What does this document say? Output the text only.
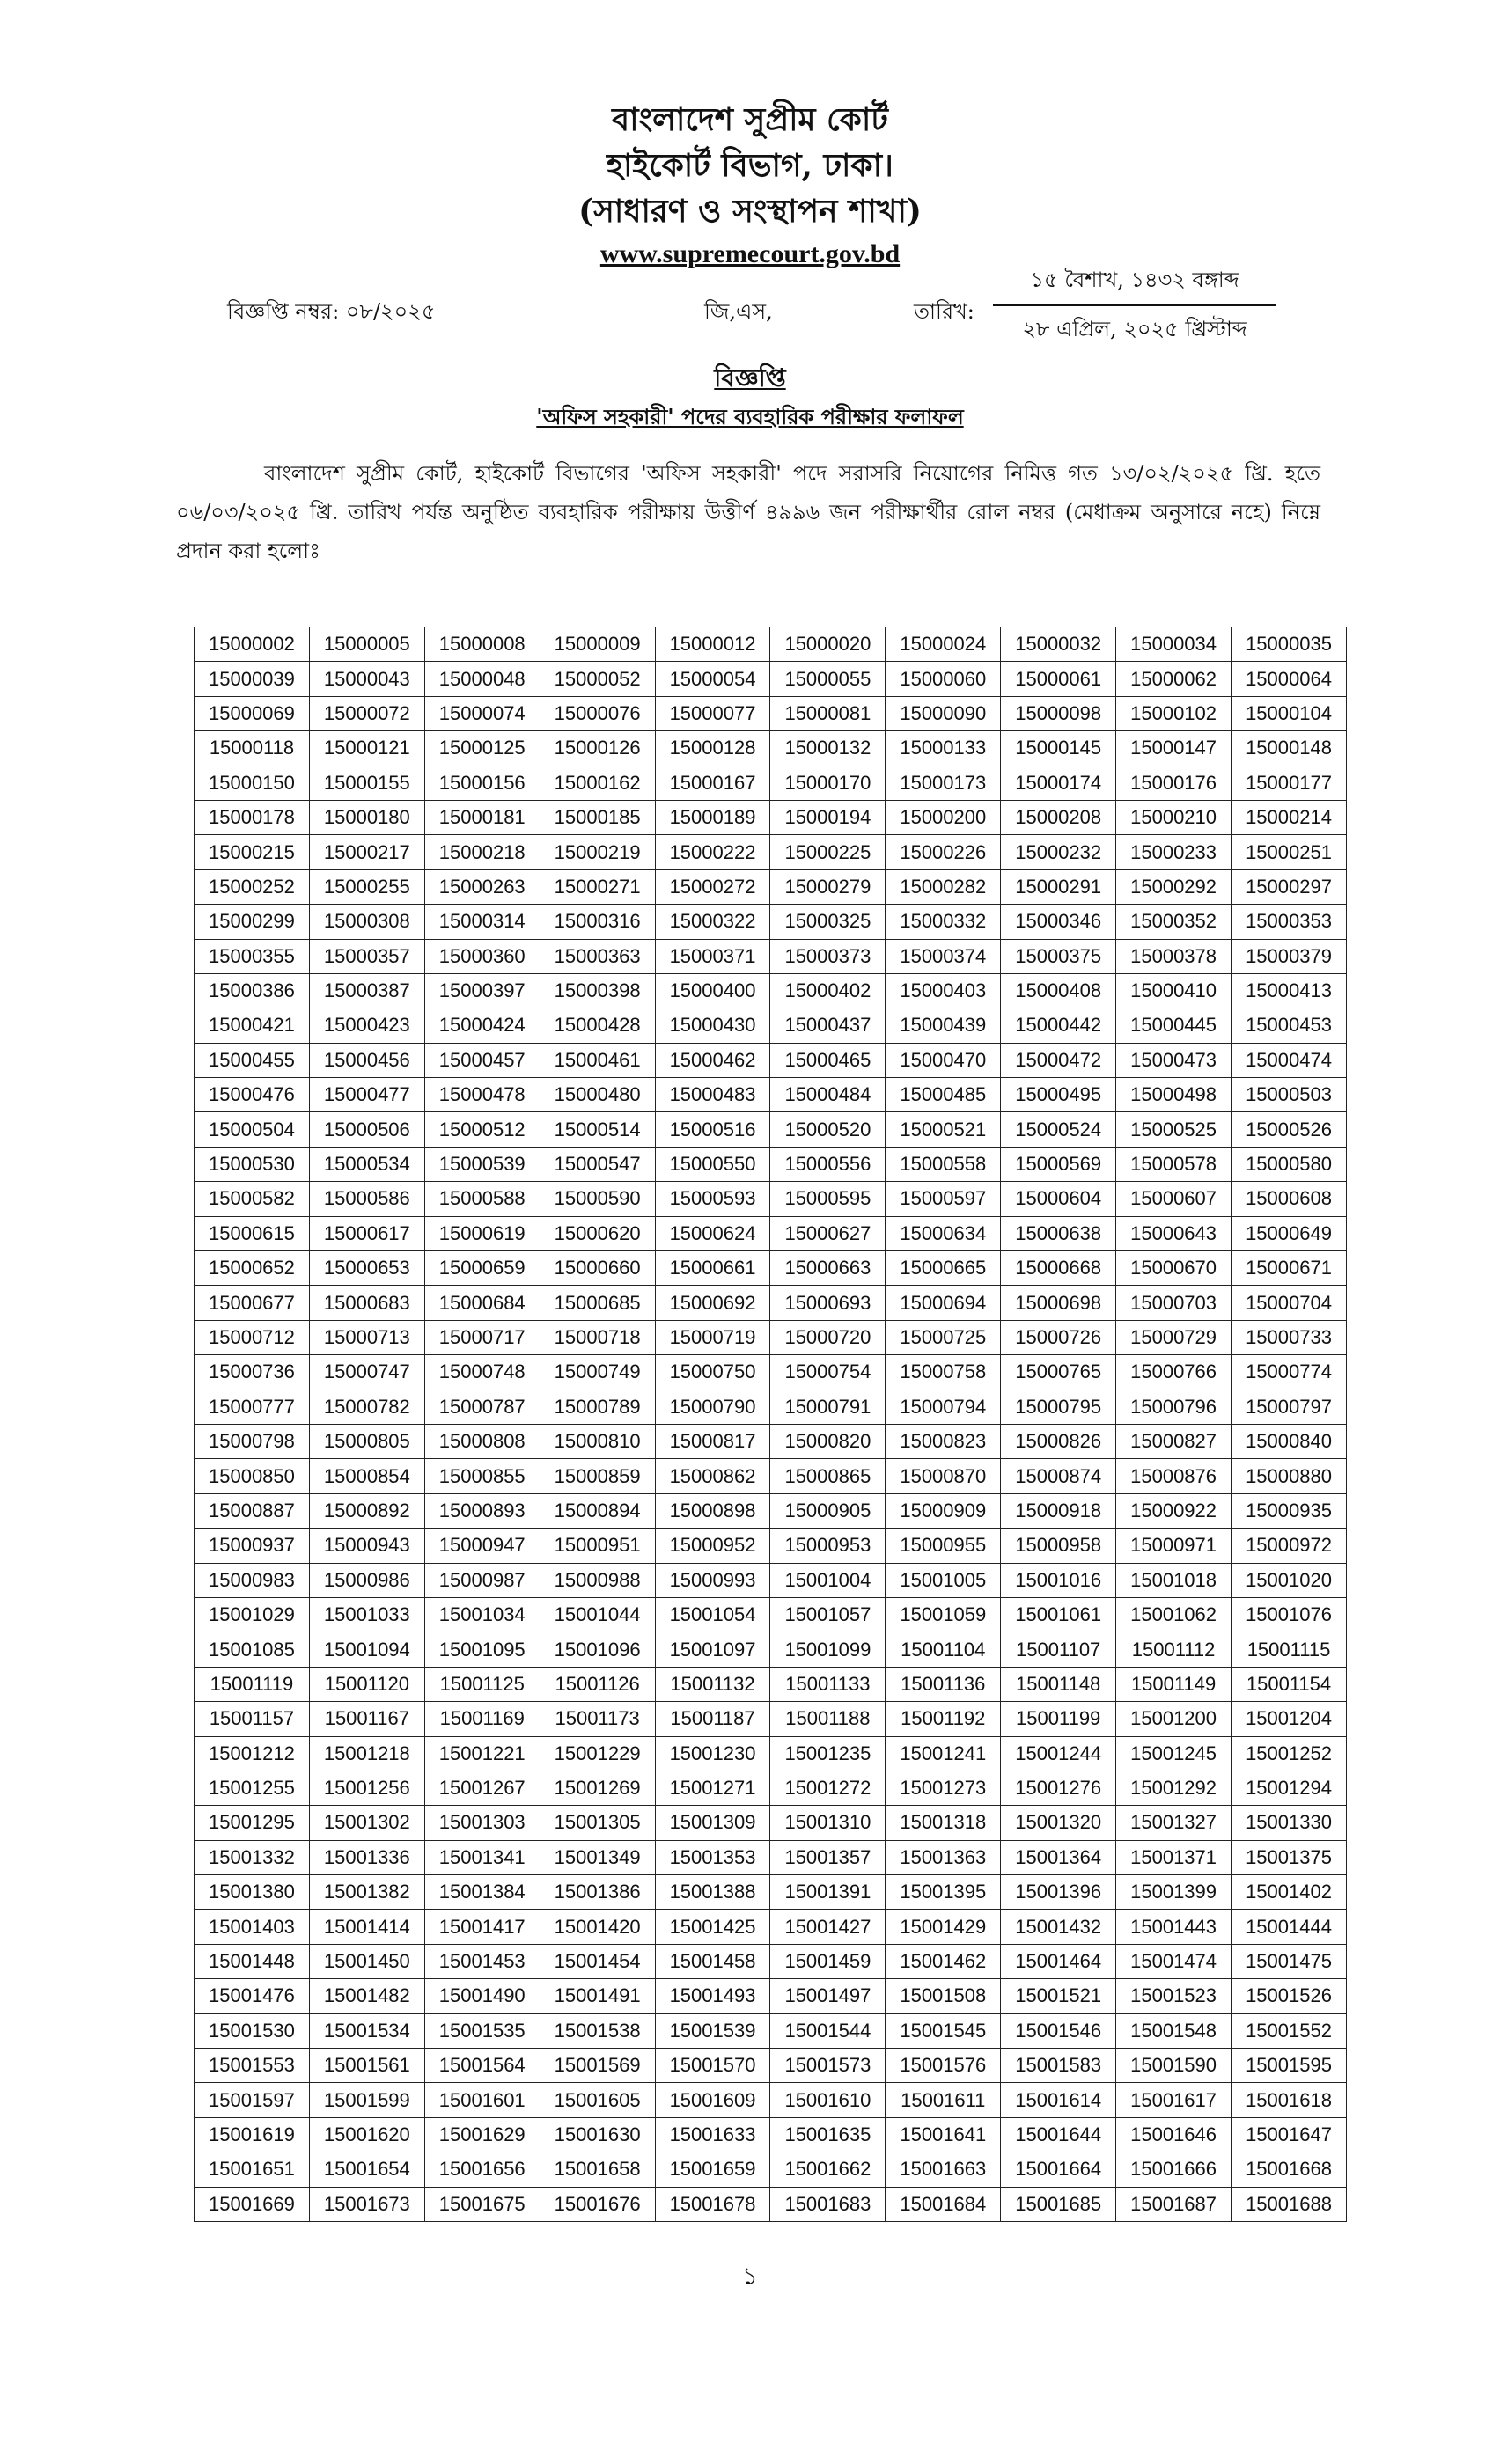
বাংলাদেশ সুপ্রীম কোর্ট
হাইকোর্ট বিভাগ, ঢাকা।
(সাধারণ ও সংস্থাপন শাখা)
www.supremecourt.gov.bd
বিজ্ঞপ্তি নম্বর: ০৮/২০২৫	জি,এস,	তারিখ:
১৫ বৈশাখ, ১৪৩২ বঙ্গাব্দ
২৮ এপ্রিল, ২০২৫ খ্রিস্টাব্দ
বিজ্ঞপ্তি
'অফিস সহকারী' পদের ব্যবহারিক পরীক্ষার ফলাফল
বাংলাদেশ সুপ্রীম কোর্ট, হাইকোর্ট বিভাগের 'অফিস সহকারী' পদে সরাসরি নিয়োগের নিমিত্ত গত ১৩/০২/২০২৫ খ্রি. হতে ০৬/০৩/২০২৫ খ্রি. তারিখ পর্যন্ত অনুষ্ঠিত ব্যবহারিক পরীক্ষায় উত্তীর্ণ ৪৯৯৬ জন পরীক্ষার্থীর রোল নম্বর (মেধাক্রম অনুসারে নহে) নিম্নে প্রদান করা হলোঃ
15000002	15000005	15000008	15000009	15000012	15000020	15000024	15000032	15000034	15000035
15000039	15000043	15000048	15000052	15000054	15000055	15000060	15000061	15000062	15000064
15000069	15000072	15000074	15000076	15000077	15000081	15000090	15000098	15000102	15000104
15000118	15000121	15000125	15000126	15000128	15000132	15000133	15000145	15000147	15000148
15000150	15000155	15000156	15000162	15000167	15000170	15000173	15000174	15000176	15000177
15000178	15000180	15000181	15000185	15000189	15000194	15000200	15000208	15000210	15000214
15000215	15000217	15000218	15000219	15000222	15000225	15000226	15000232	15000233	15000251
15000252	15000255	15000263	15000271	15000272	15000279	15000282	15000291	15000292	15000297
15000299	15000308	15000314	15000316	15000322	15000325	15000332	15000346	15000352	15000353
15000355	15000357	15000360	15000363	15000371	15000373	15000374	15000375	15000378	15000379
15000386	15000387	15000397	15000398	15000400	15000402	15000403	15000408	15000410	15000413
15000421	15000423	15000424	15000428	15000430	15000437	15000439	15000442	15000445	15000453
15000455	15000456	15000457	15000461	15000462	15000465	15000470	15000472	15000473	15000474
15000476	15000477	15000478	15000480	15000483	15000484	15000485	15000495	15000498	15000503
15000504	15000506	15000512	15000514	15000516	15000520	15000521	15000524	15000525	15000526
15000530	15000534	15000539	15000547	15000550	15000556	15000558	15000569	15000578	15000580
15000582	15000586	15000588	15000590	15000593	15000595	15000597	15000604	15000607	15000608
15000615	15000617	15000619	15000620	15000624	15000627	15000634	15000638	15000643	15000649
15000652	15000653	15000659	15000660	15000661	15000663	15000665	15000668	15000670	15000671
15000677	15000683	15000684	15000685	15000692	15000693	15000694	15000698	15000703	15000704
15000712	15000713	15000717	15000718	15000719	15000720	15000725	15000726	15000729	15000733
15000736	15000747	15000748	15000749	15000750	15000754	15000758	15000765	15000766	15000774
15000777	15000782	15000787	15000789	15000790	15000791	15000794	15000795	15000796	15000797
15000798	15000805	15000808	15000810	15000817	15000820	15000823	15000826	15000827	15000840
15000850	15000854	15000855	15000859	15000862	15000865	15000870	15000874	15000876	15000880
15000887	15000892	15000893	15000894	15000898	15000905	15000909	15000918	15000922	15000935
15000937	15000943	15000947	15000951	15000952	15000953	15000955	15000958	15000971	15000972
15000983	15000986	15000987	15000988	15000993	15001004	15001005	15001016	15001018	15001020
15001029	15001033	15001034	15001044	15001054	15001057	15001059	15001061	15001062	15001076
15001085	15001094	15001095	15001096	15001097	15001099	15001104	15001107	15001112	15001115
15001119	15001120	15001125	15001126	15001132	15001133	15001136	15001148	15001149	15001154
15001157	15001167	15001169	15001173	15001187	15001188	15001192	15001199	15001200	15001204
15001212	15001218	15001221	15001229	15001230	15001235	15001241	15001244	15001245	15001252
15001255	15001256	15001267	15001269	15001271	15001272	15001273	15001276	15001292	15001294
15001295	15001302	15001303	15001305	15001309	15001310	15001318	15001320	15001327	15001330
15001332	15001336	15001341	15001349	15001353	15001357	15001363	15001364	15001371	15001375
15001380	15001382	15001384	15001386	15001388	15001391	15001395	15001396	15001399	15001402
15001403	15001414	15001417	15001420	15001425	15001427	15001429	15001432	15001443	15001444
15001448	15001450	15001453	15001454	15001458	15001459	15001462	15001464	15001474	15001475
15001476	15001482	15001490	15001491	15001493	15001497	15001508	15001521	15001523	15001526
15001530	15001534	15001535	15001538	15001539	15001544	15001545	15001546	15001548	15001552
15001553	15001561	15001564	15001569	15001570	15001573	15001576	15001583	15001590	15001595
15001597	15001599	15001601	15001605	15001609	15001610	15001611	15001614	15001617	15001618
15001619	15001620	15001629	15001630	15001633	15001635	15001641	15001644	15001646	15001647
15001651	15001654	15001656	15001658	15001659	15001662	15001663	15001664	15001666	15001668
15001669	15001673	15001675	15001676	15001678	15001683	15001684	15001685	15001687	15001688
১
